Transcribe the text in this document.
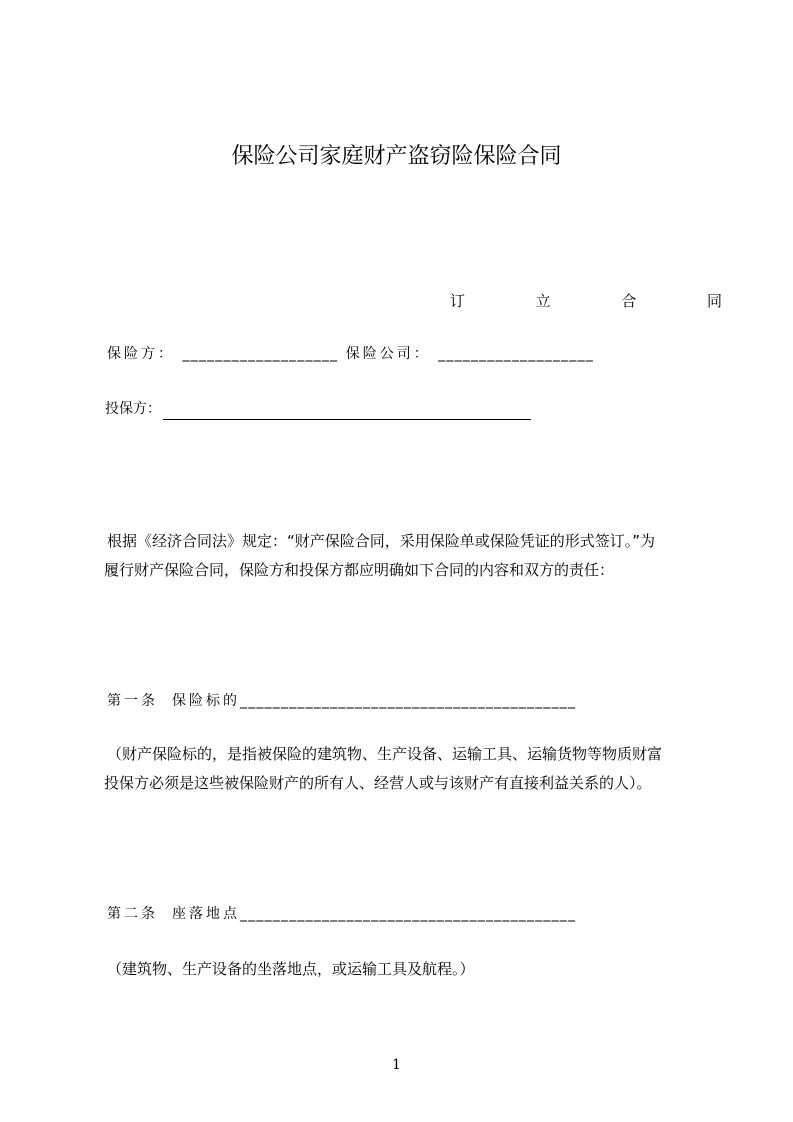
保险公司家庭财产盗窃险保险合同
订	立	合	同
保险方： ___________________ 保险公司： ___________________
投保方：
根据《经济合同法》规定：“财产保险合同，采用保险单或保险凭证的形式签订。”为
履行财产保险合同，保险方和投保方都应明确如下合同的内容和双方的责任：
第一条 保险标的_________________________________________
（财产保险标的，是指被保险的建筑物、生产设备、运输工具、运输货物等物质财富
投保方必须是这些被保险财产的所有人、经营人或与该财产有直接利益关系的人）。
第二条 座落地点_________________________________________
（建筑物、生产设备的坐落地点，或运输工具及航程。）
1
